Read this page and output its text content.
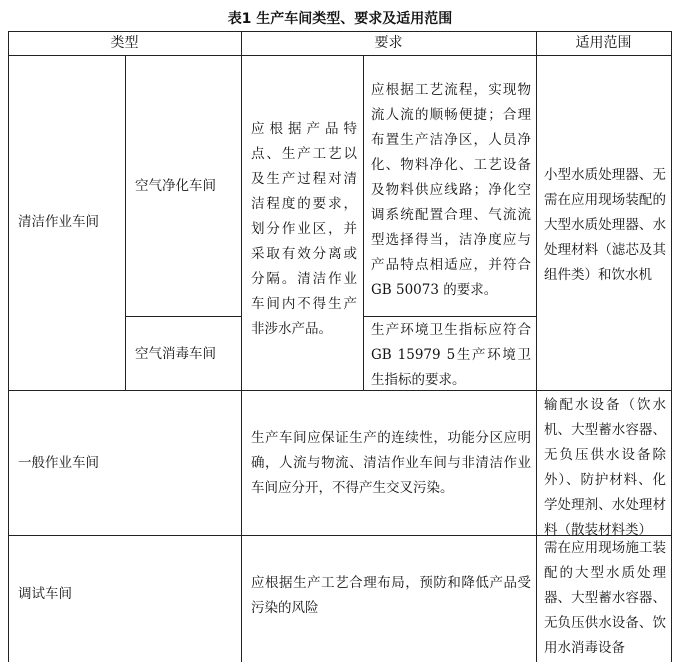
表1 生产车间类型、要求及适用范围
类型	要求	适用范围
清洁作业车间
空气净化车间
空气消毒车间
应根据产品特点、生产工艺以及生产过程对清洁程度的要求，划分作业区，并采取有效分离或分隔。清洁作业车间内不得生产非涉水产品。
应根据工艺流程，实现物流人流的顺畅便捷；合理布置生产洁净区，人员净化、物料净化、工艺设备及物料供应线路；净化空调系统配置合理、气流流型选择得当，洁净度应与产品特点相适应，并符合GB 50073 的要求。
生产环境卫生指标应符合GB 15979 5生产环境卫生指标的要求。
小型水质处理器、无需在应用现场装配的大型水质处理器、水处理材料（滤芯及其组件类）和饮水机
一般作业车间
生产车间应保证生产的连续性，功能分区应明确，人流与物流、清洁作业车间与非清洁作业车间应分开，不得产生交叉污染。
输配水设备（饮水机、大型蓄水容器、无负压供水设备除外）、防护材料、化学处理剂、水处理材料（散装材料类）
调试车间
应根据生产工艺合理布局，预防和降低产品受污染的风险
需在应用现场施工装配的大型水质处理器、大型蓄水容器、无负压供水设备、饮用水消毒设备
